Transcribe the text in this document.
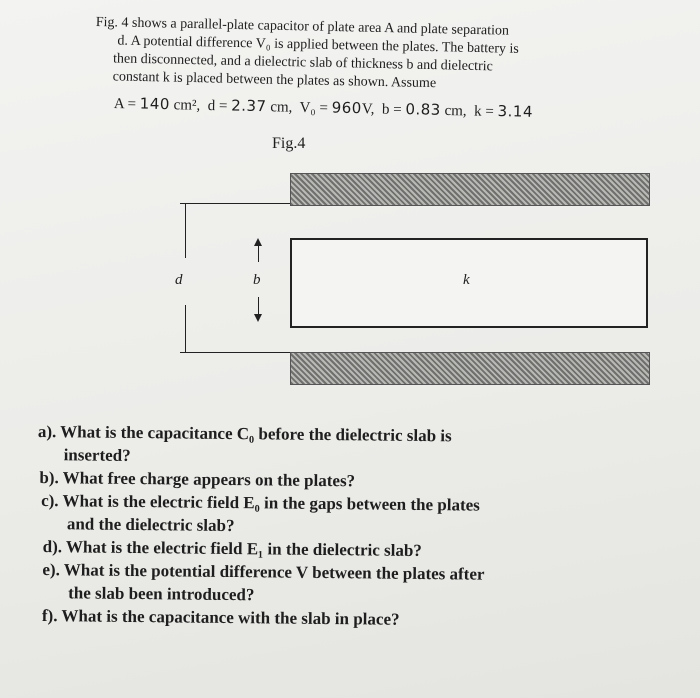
Fig. 4 shows a parallel-plate capacitor of plate area A and plate separation

d. A potential difference V₀ is applied between the plates. The battery is

then disconnected, and a dielectric slab of thickness b and dielectric

constant k is placed between the plates as shown. Assume

A = 140 cm², d = 2.37 cm, V₀ = 960V, b = 0.83 cm, k = 3.14
Fig.4
d	b	k

a). What is the capacitance C₀ before the dielectric slab is
inserted?

b). What free charge appears on the plates?

c). What is the electric field E₀ in the gaps between the plates
and the dielectric slab?

d). What is the electric field E₁ in the dielectric slab?

e). What is the potential difference V between the plates after
the slab been introduced?

f). What is the capacitance with the slab in place?
